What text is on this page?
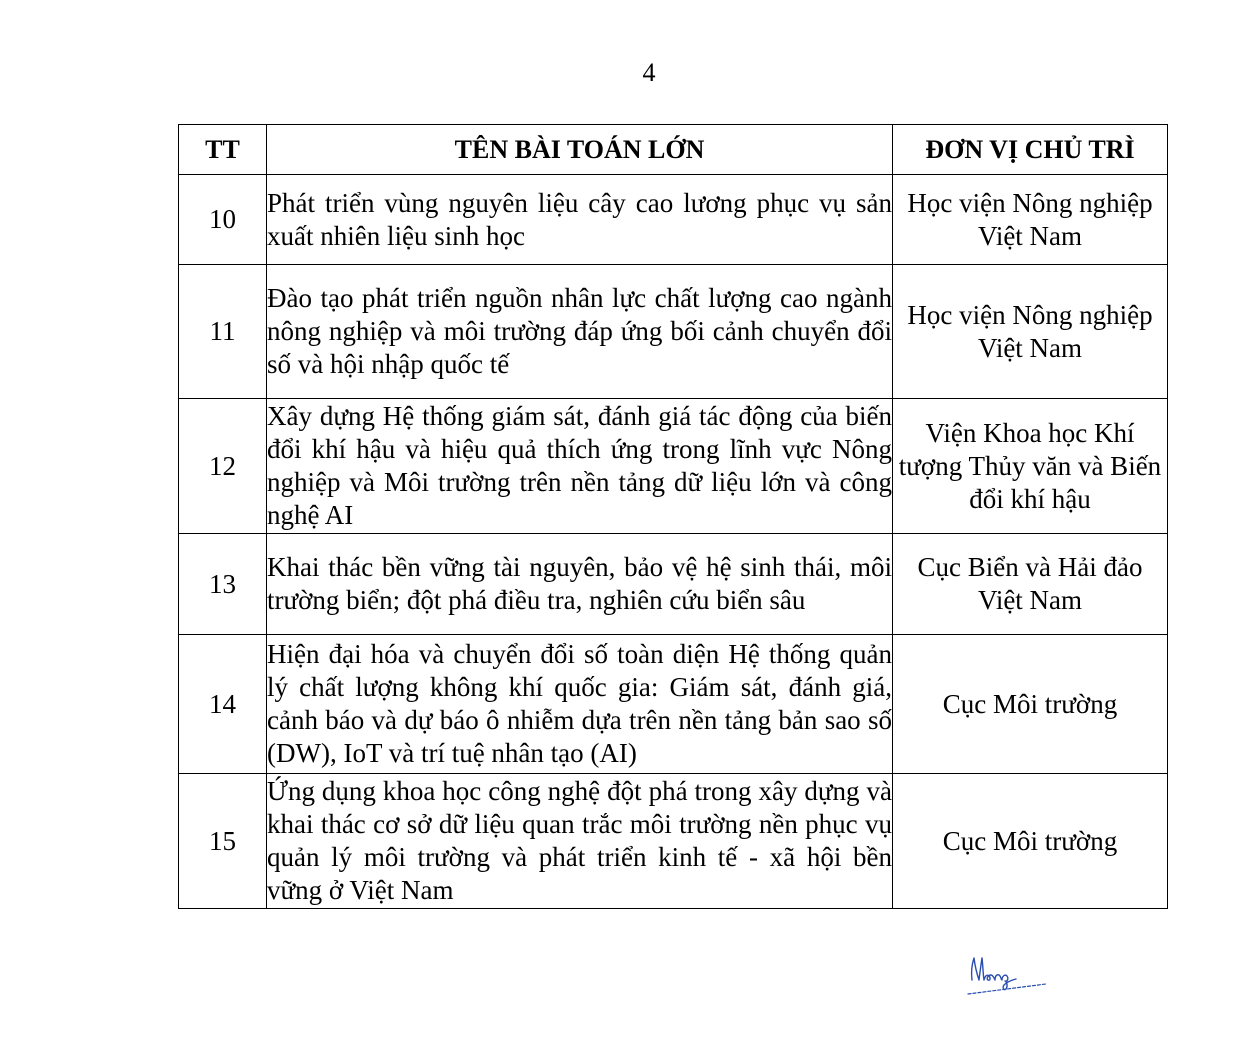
4
TT	TÊN BÀI TOÁN LỚN	ĐƠN VỊ CHỦ TRÌ
10	Phát triển vùng nguyên liệu cây cao lương phục vụ sản xuất nhiên liệu sinh học	Học viện Nông nghiệp Việt Nam
11	Đào tạo phát triển nguồn nhân lực chất lượng cao ngành nông nghiệp và môi trường đáp ứng bối cảnh chuyển đổi số và hội nhập quốc tế	Học viện Nông nghiệp Việt Nam
12	Xây dựng Hệ thống giám sát, đánh giá tác động của biến đổi khí hậu và hiệu quả thích ứng trong lĩnh vực Nông nghiệp và Môi trường trên nền tảng dữ liệu lớn và công nghệ AI	Viện Khoa học Khí tượng Thủy văn và Biến đổi khí hậu
13	Khai thác bền vững tài nguyên, bảo vệ hệ sinh thái, môi trường biển; đột phá điều tra, nghiên cứu biển sâu	Cục Biển và Hải đảo Việt Nam
14	Hiện đại hóa và chuyển đổi số toàn diện Hệ thống quản lý chất lượng không khí quốc gia: Giám sát, đánh giá, cảnh báo và dự báo ô nhiễm dựa trên nền tảng bản sao số (DW), IoT và trí tuệ nhân tạo (AI)	Cục Môi trường
15	Ứng dụng khoa học công nghệ đột phá trong xây dựng và khai thác cơ sở dữ liệu quan trắc môi trường nền phục vụ quản lý môi trường và phát triển kinh tế - xã hội bền vững ở Việt Nam	Cục Môi trường
